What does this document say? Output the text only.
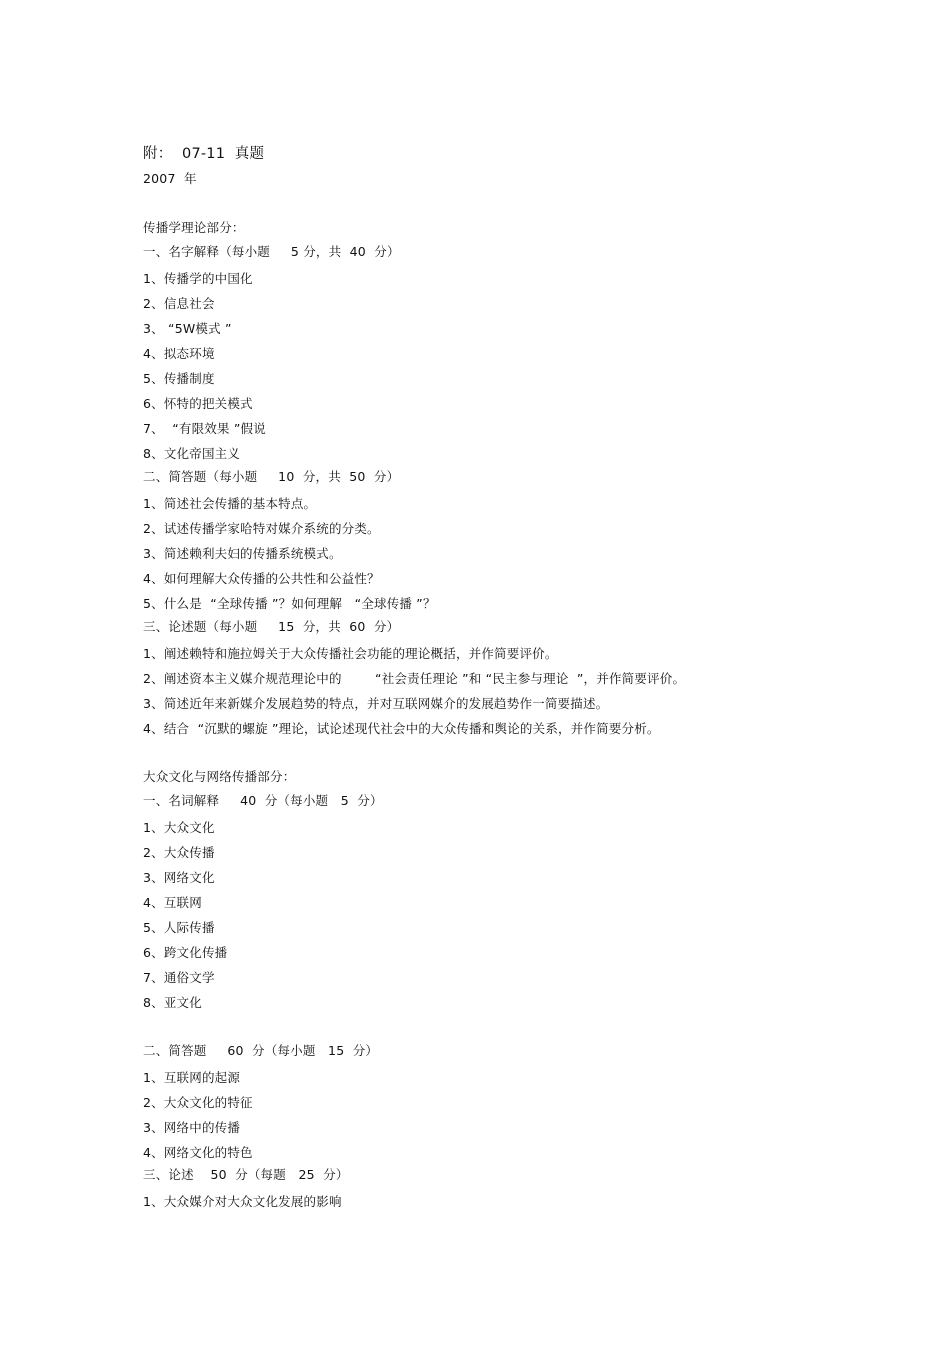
附：  07-11  真题
2007  年
传播学理论部分：
一、名字解释（每小题     5 分，共  40  分）
1、传播学的中国化
2、信息社会
3、 “5W模式 ”
4、拟态环境
5、传播制度
6、怀特的把关模式
7、  “有限效果 ”假说
8、文化帝国主义
二、简答题（每小题     10  分，共  50  分）
1、简述社会传播的基本特点。
2、试述传播学家哈特对媒介系统的分类。
3、简述赖利夫妇的传播系统模式。
4、如何理解大众传播的公共性和公益性？
5、什么是  “全球传播 ”？如何理解   “全球传播 ”？
三、论述题（每小题     15  分，共  60  分）
1、阐述赖特和施拉姆关于大众传播社会功能的理论概括，并作简要评价。
2、阐述资本主义媒介规范理论中的        “社会责任理论 ”和 “民主参与理论  ”，并作简要评价。
3、简述近年来新媒介发展趋势的特点，并对互联网媒介的发展趋势作一简要描述。
4、结合  “沉默的螺旋 ”理论，试论述现代社会中的大众传播和舆论的关系，并作简要分析。
大众文化与网络传播部分：
一、名词解释     40  分（每小题   5  分）
1、大众文化
2、大众传播
3、网络文化
4、互联网
5、人际传播
6、跨文化传播
7、通俗文学
8、亚文化
二、简答题     60  分（每小题   15  分）
1、互联网的起源
2、大众文化的特征
3、网络中的传播
4、网络文化的特色
三、论述    50  分（每题   25  分）
1、大众媒介对大众文化发展的影响
